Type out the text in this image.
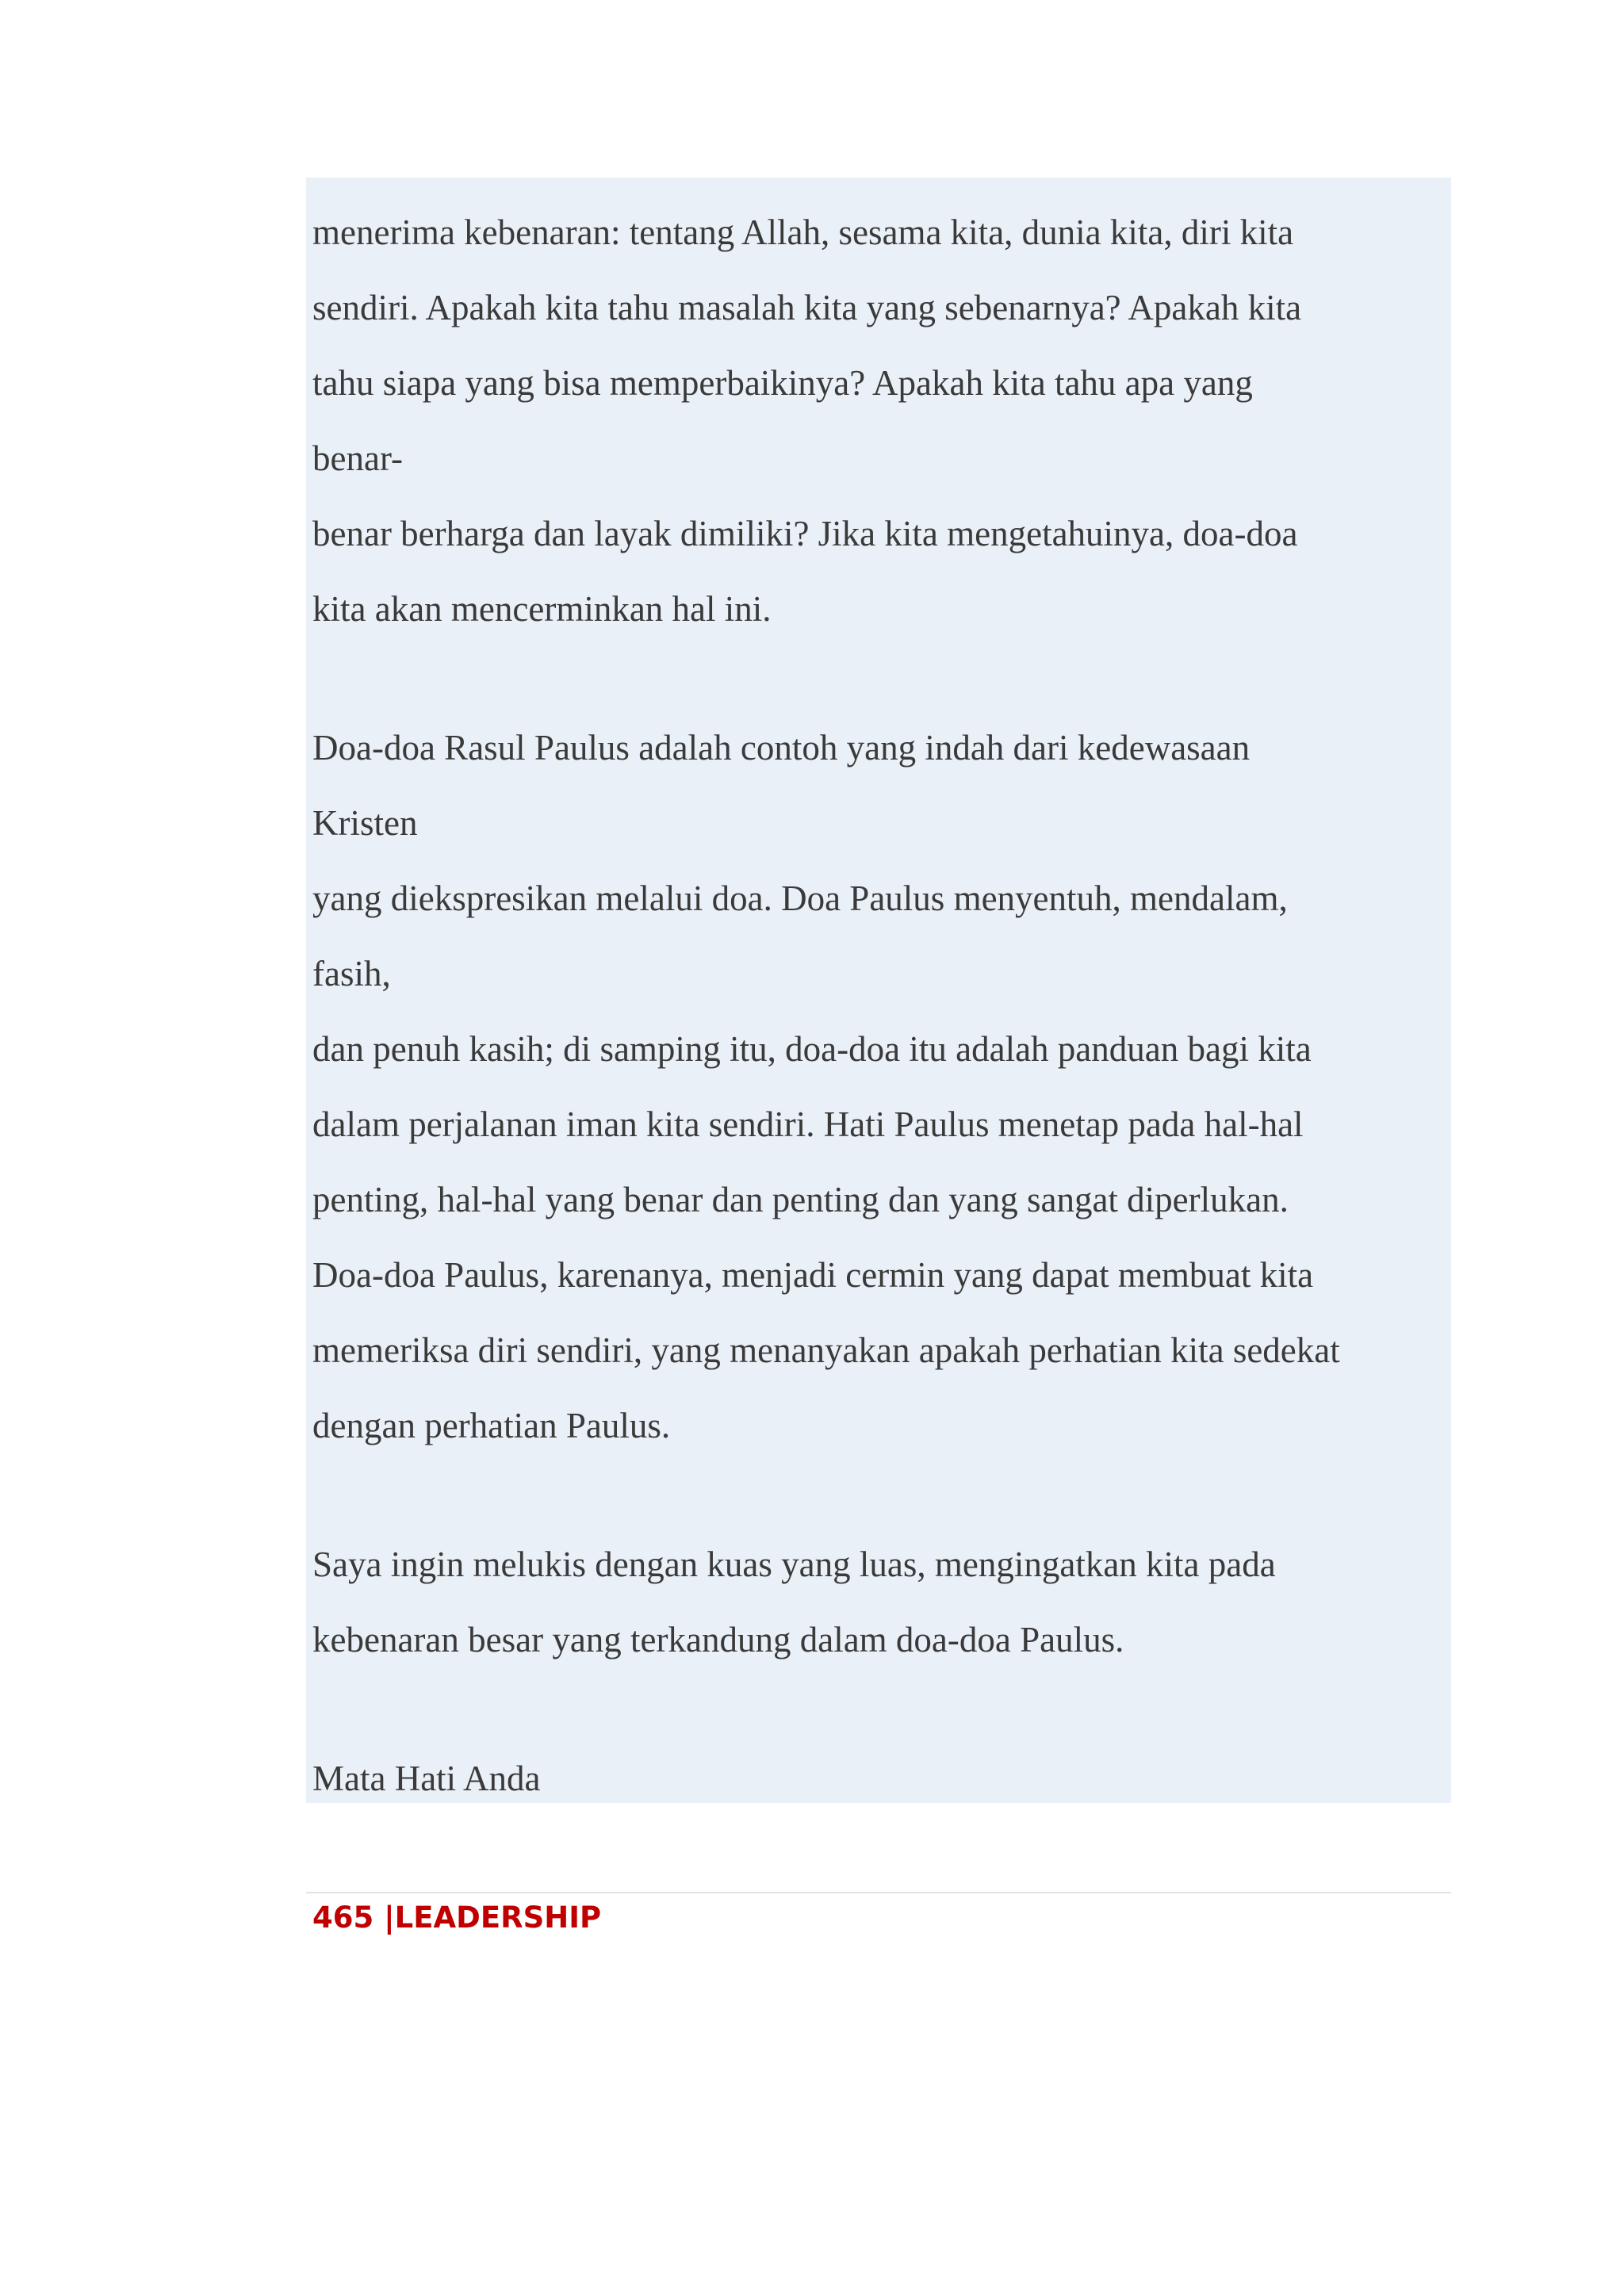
menerima kebenaran: tentang Allah, sesama kita, dunia kita, diri kita

sendiri. Apakah kita tahu masalah kita yang sebenarnya? Apakah kita

tahu siapa yang bisa memperbaikinya? Apakah kita tahu apa yang

benar-

benar berharga dan layak dimiliki? Jika kita mengetahuinya, doa-doa

kita akan mencerminkan hal ini.

Doa-doa Rasul Paulus adalah contoh yang indah dari kedewasaan

Kristen

yang diekspresikan melalui doa. Doa Paulus menyentuh, mendalam,

fasih,

dan penuh kasih; di samping itu, doa-doa itu adalah panduan bagi kita

dalam perjalanan iman kita sendiri. Hati Paulus menetap pada hal-hal

penting, hal-hal yang benar dan penting dan yang sangat diperlukan.

Doa-doa Paulus, karenanya, menjadi cermin yang dapat membuat kita

memeriksa diri sendiri, yang menanyakan apakah perhatian kita sedekat

dengan perhatian Paulus.

Saya ingin melukis dengan kuas yang luas, mengingatkan kita pada

kebenaran besar yang terkandung dalam doa-doa Paulus.

Mata Hati Anda

465 |LEADERSHIP
